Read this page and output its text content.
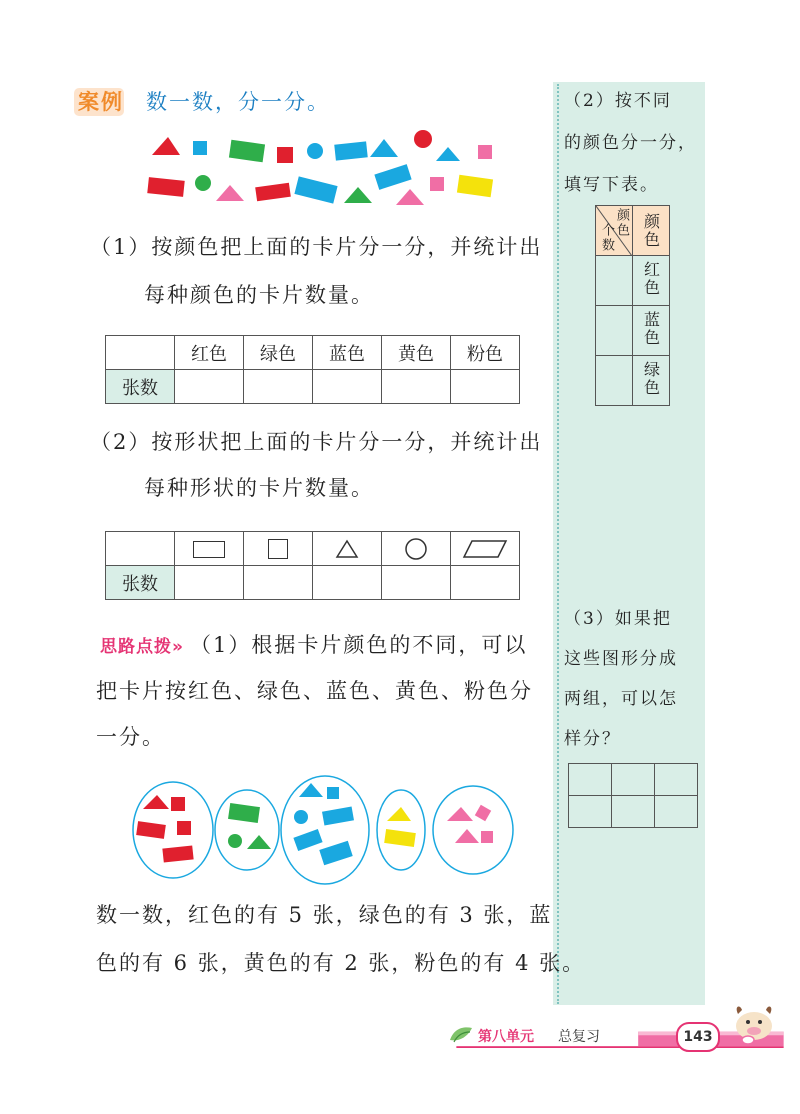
案例 数一数，分一分。
（1）按颜色把上面的卡片分一分，并统计出
每种颜色的卡片数量。
	红色	绿色	蓝色	黄色	粉色
张数					
（2）按形状把上面的卡片分一分，并统计出
每种形状的卡片数量。

张数					
思路点拨» （1）根据卡片颜色的不同，可以
把卡片按红色、绿色、蓝色、黄色、粉色分
一分。
数一数，红色的有 5 张，绿色的有 3 张，蓝
色的有 6 张，黄色的有 2 张，粉色的有 4 张。
（2）按不同
的颜色分一分，
填写下表。
颜色
个数	颜色
	红色
	蓝色
	绿色
（3）如果把
这些图形分成
两组，可以怎
样分？

第八单元 总复习	143
